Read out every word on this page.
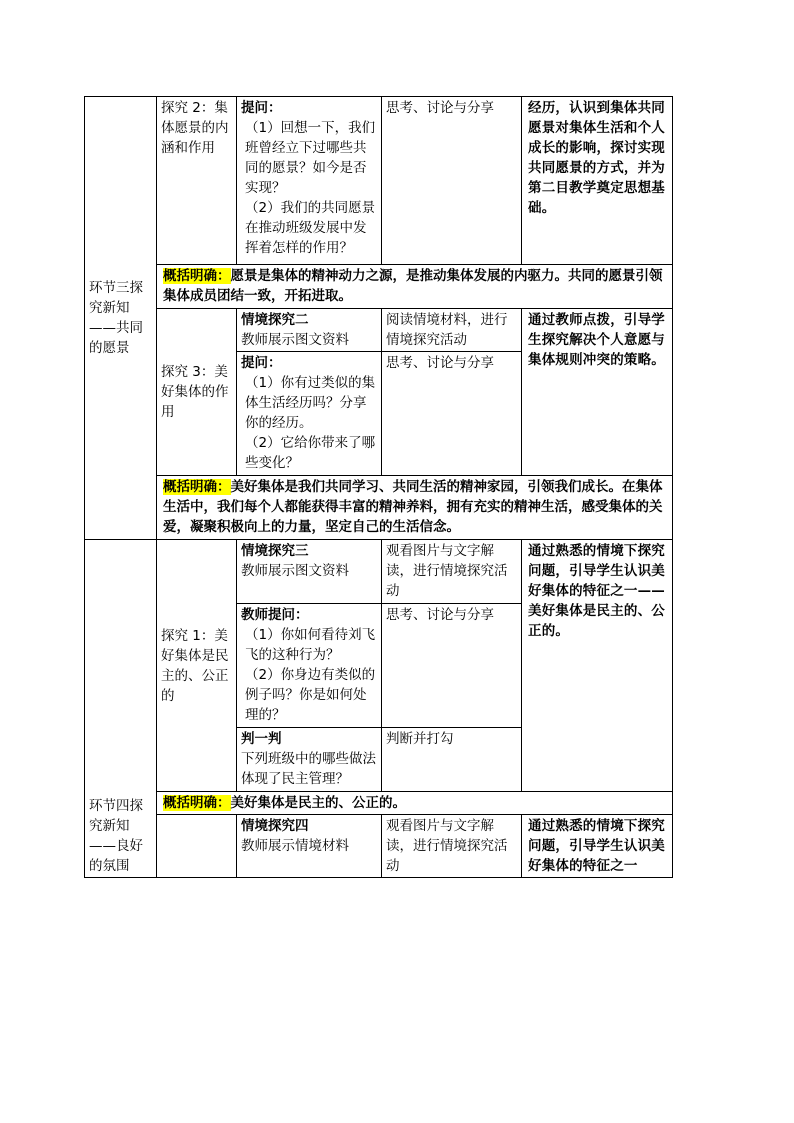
环节三探究新知——共同的愿景	探究 2：集体愿景的内涵和作用	提问：
（1）回想一下，我们班曾经立下过哪些共同的愿景？如今是否实现？
（2）我们的共同愿景在推动班级发展中发挥着怎样的作用？	思考、讨论与分享	经历，认识到集体共同愿景对集体生活和个人成长的影响，探讨实现共同愿景的方式，并为第二目教学奠定思想基础。
	概括明确：愿景是集体的精神动力之源，是推动集体发展的内驱力。共同的愿景引领集体成员团结一致，开拓进取。			
	探究 3：美好集体的作用	情境探究二
教师展示图文资料	阅读情境材料，进行情境探究活动	通过教师点拨，引导学生探究解决个人意愿与集体规则冲突的策略。

		提问：
（1）你有过类似的集体生活经历吗？分享你的经历。
（2）它给你带来了哪些变化？	思考、讨论与分享	
	概括明确：美好集体是我们共同学习、共同生活的精神家园，引领我们成长。在集体生活中，我们每个人都能获得丰富的精神养料，拥有充实的精神生活，感受集体的关爱，凝聚积极向上的力量，坚定自己的生活信念。			
环节四探究新知——良好的氛围	探究 1：美好集体是民主的、公正的	情境探究三
教师展示图文资料	观看图片与文字解读，进行情境探究活动	通过熟悉的情境下探究问题，引导学生认识美好集体的特征之一——美好集体是民主的、公正的。

		教师提问：
（1）你如何看待刘飞飞的这种行为？
（2）你身边有类似的例子吗？你是如何处理的？	思考、讨论与分享	

		判一判
下列班级中的哪些做法体现了民主管理？	判断并打勾	
	概括明确：美好集体是民主的、公正的。			

		情境探究四
教师展示情境材料	观看图片与文字解读，进行情境探究活动	通过熟悉的情境下探究问题，引导学生认识美好集体的特征之一
